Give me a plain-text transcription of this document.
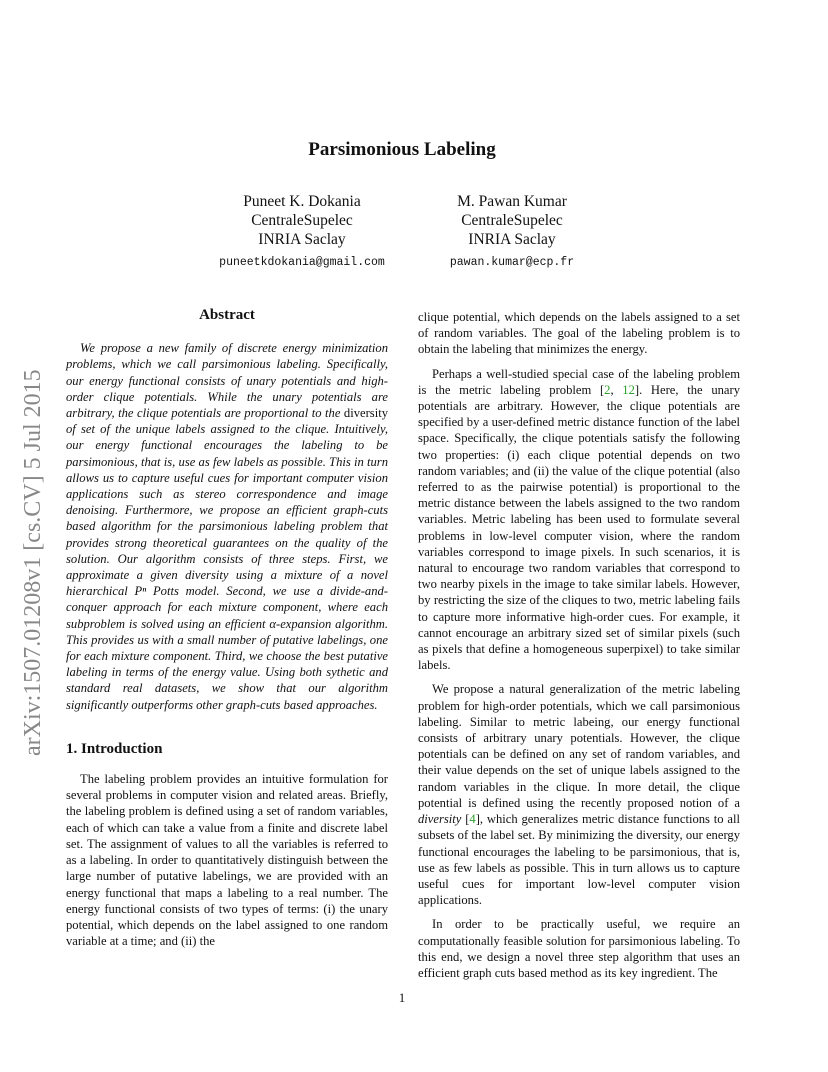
Parsimonious Labeling
Puneet K. Dokania
CentraleSupelec
INRIA Saclay
puneetkdokania@gmail.com
M. Pawan Kumar
CentraleSupelec
INRIA Saclay
pawan.kumar@ecp.fr
arXiv:1507.01208v1 [cs.CV] 5 Jul 2015
Abstract

We propose a new family of discrete energy minimization problems, which we call parsimonious labeling. Specifically, our energy functional consists of unary potentials and high-order clique potentials. While the unary potentials are arbitrary, the clique potentials are proportional to the diversity of set of the unique labels assigned to the clique. Intuitively, our energy functional encourages the labeling to be parsimonious, that is, use as few labels as possible. This in turn allows us to capture useful cues for important computer vision applications such as stereo correspondence and image denoising. Furthermore, we propose an efficient graph-cuts based algorithm for the parsimonious labeling problem that provides strong theoretical guarantees on the quality of the solution. Our algorithm consists of three steps. First, we approximate a given diversity using a mixture of a novel hierarchical Pⁿ Potts model. Second, we use a divide-and-conquer approach for each mixture component, where each subproblem is solved using an efficient α-expansion algorithm. This provides us with a small number of putative labelings, one for each mixture component. Third, we choose the best putative labeling in terms of the energy value. Using both sythetic and standard real datasets, we show that our algorithm significantly outperforms other graph-cuts based approaches.

1. Introduction

The labeling problem provides an intuitive formulation for several problems in computer vision and related areas. Briefly, the labeling problem is defined using a set of random variables, each of which can take a value from a finite and discrete label set. The assignment of values to all the variables is referred to as a labeling. In order to quantitatively distinguish between the large number of putative labelings, we are provided with an energy functional that maps a labeling to a real number. The energy functional consists of two types of terms: (i) the unary potential, which depends on the label assigned to one random variable at a time; and (ii) the

clique potential, which depends on the labels assigned to a set of random variables. The goal of the labeling problem is to obtain the labeling that minimizes the energy.

Perhaps a well-studied special case of the labeling problem is the metric labeling problem [2, 12]. Here, the unary potentials are arbitrary. However, the clique potentials are specified by a user-defined metric distance function of the label space. Specifically, the clique potentials satisfy the following two properties: (i) each clique potential depends on two random variables; and (ii) the value of the clique potential (also referred to as the pairwise potential) is proportional to the metric distance between the labels assigned to the two random variables. Metric labeling has been used to formulate several problems in low-level computer vision, where the random variables correspond to image pixels. In such scenarios, it is natural to encourage two random variables that correspond to two nearby pixels in the image to take similar labels. However, by restricting the size of the cliques to two, metric labeling fails to capture more informative high-order cues. For example, it cannot encourage an arbitrary sized set of similar pixels (such as pixels that define a homogeneous superpixel) to take similar labels.

We propose a natural generalization of the metric labeling problem for high-order potentials, which we call parsimonious labeling. Similar to metric labeing, our energy functional consists of arbitrary unary potentials. However, the clique potentials can be defined on any set of random variables, and their value depends on the set of unique labels assigned to the random variables in the clique. In more detail, the clique potential is defined using the recently proposed notion of a diversity [4], which generalizes metric distance functions to all subsets of the label set. By minimizing the diversity, our energy functional encourages the labeling to be parsimonious, that is, use as few labels as possible. This in turn allows us to capture useful cues for important low-level computer vision applications.

In order to be practically useful, we require an computationally feasible solution for parsimonious labeling. To this end, we design a novel three step algorithm that uses an efficient graph cuts based method as its key ingredient. The

1
